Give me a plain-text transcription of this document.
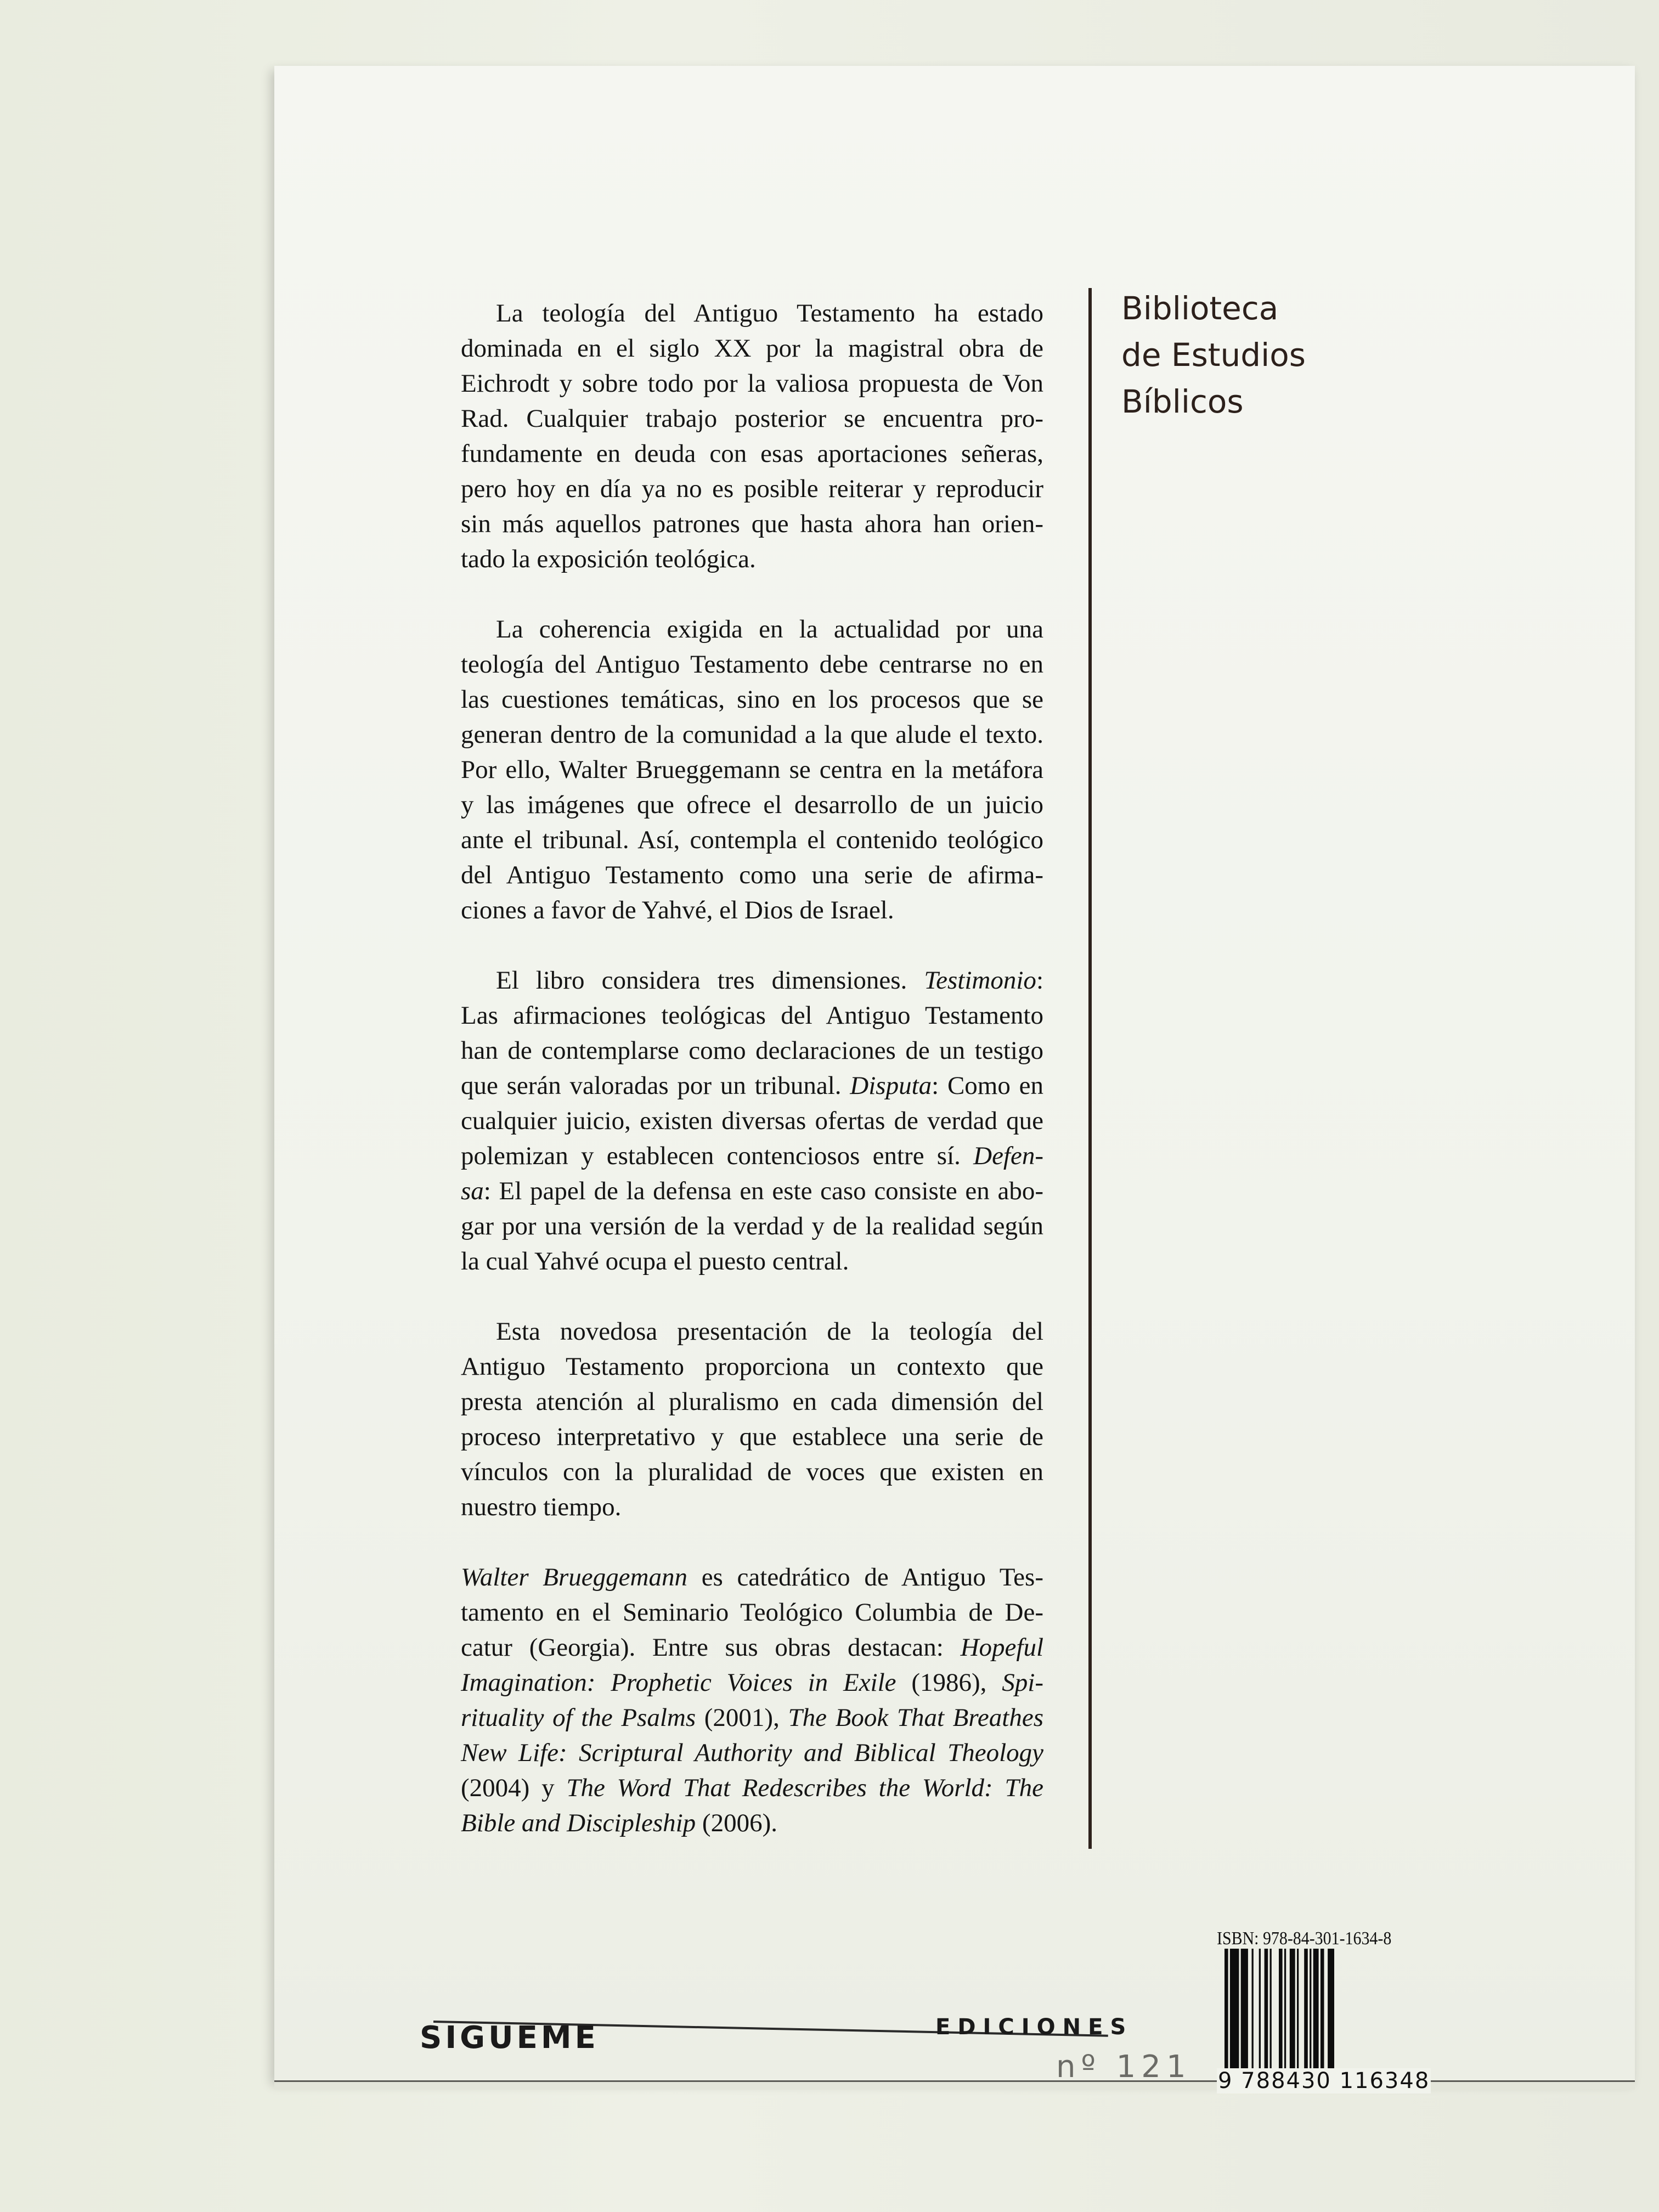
La teología del Antiguo Testamento ha estado
dominada en el siglo XX por la magistral obra de
Eichrodt y sobre todo por la valiosa propuesta de Von
Rad. Cualquier trabajo posterior se encuentra pro-
fundamente en deuda con esas aportaciones señeras,
pero hoy en día ya no es posible reiterar y reproducir
sin más aquellos patrones que hasta ahora han orien-
tado la exposición teológica.
La coherencia exigida en la actualidad por una
teología del Antiguo Testamento debe centrarse no en
las cuestiones temáticas, sino en los procesos que se
generan dentro de la comunidad a la que alude el texto.
Por ello, Walter Brueggemann se centra en la metáfora
y las imágenes que ofrece el desarrollo de un juicio
ante el tribunal. Así, contempla el contenido teológico
del Antiguo Testamento como una serie de afirma-
ciones a favor de Yahvé, el Dios de Israel.
El libro considera tres dimensiones. Testimonio:
Las afirmaciones teológicas del Antiguo Testamento
han de contemplarse como declaraciones de un testigo
que serán valoradas por un tribunal. Disputa: Como en
cualquier juicio, existen diversas ofertas de verdad que
polemizan y establecen contenciosos entre sí. Defen-
sa: El papel de la defensa en este caso consiste en abo-
gar por una versión de la verdad y de la realidad según
la cual Yahvé ocupa el puesto central.
Esta novedosa presentación de la teología del
Antiguo Testamento proporciona un contexto que
presta atención al pluralismo en cada dimensión del
proceso interpretativo y que establece una serie de
vínculos con la pluralidad de voces que existen en
nuestro tiempo.
Walter Brueggemann es catedrático de Antiguo Tes-
tamento en el Seminario Teológico Columbia de De-
catur (Georgia). Entre sus obras destacan: Hopeful
Imagination: Prophetic Voices in Exile (1986), Spi-
rituality of the Psalms (2001), The Book That Breathes
New Life: Scriptural Authority and Biblical Theology
(2004) y The Word That Redescribes the World: The
Bible and Discipleship (2006).
Biblioteca
de Estudios
Bíblicos
SIGUEME	EDICIONES
nº 121
ISBN: 978-84-301-1634-8
9 788430 116348
